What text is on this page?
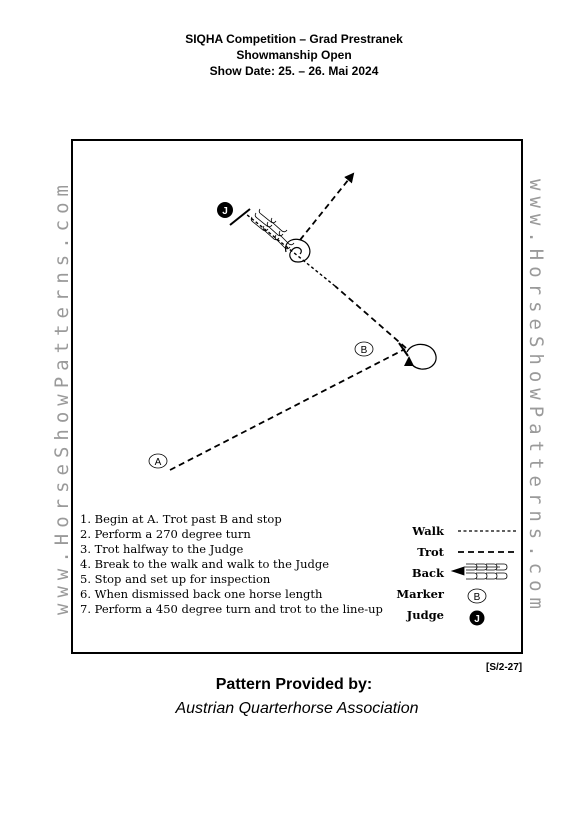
SIQHA Competition – Grad Prestranek
Showmanship Open
Show Date: 25. – 26. Mai 2024
www.HorseShowPatterns.com	www.HorseShowPatterns.com
A
B
J
B
J
1. Begin at A. Trot past B and stop
2. Perform a 270 degree turn
3. Trot halfway to the Judge
4. Break to the walk and walk to the Judge
5. Stop and set up for inspection
6. When dismissed back one horse length
7. Perform a 450 degree turn and trot to the line-up
Walk
Trot
Back
Marker
Judge
[S/2-27]
Pattern Provided by:
Austrian Quarterhorse Association
